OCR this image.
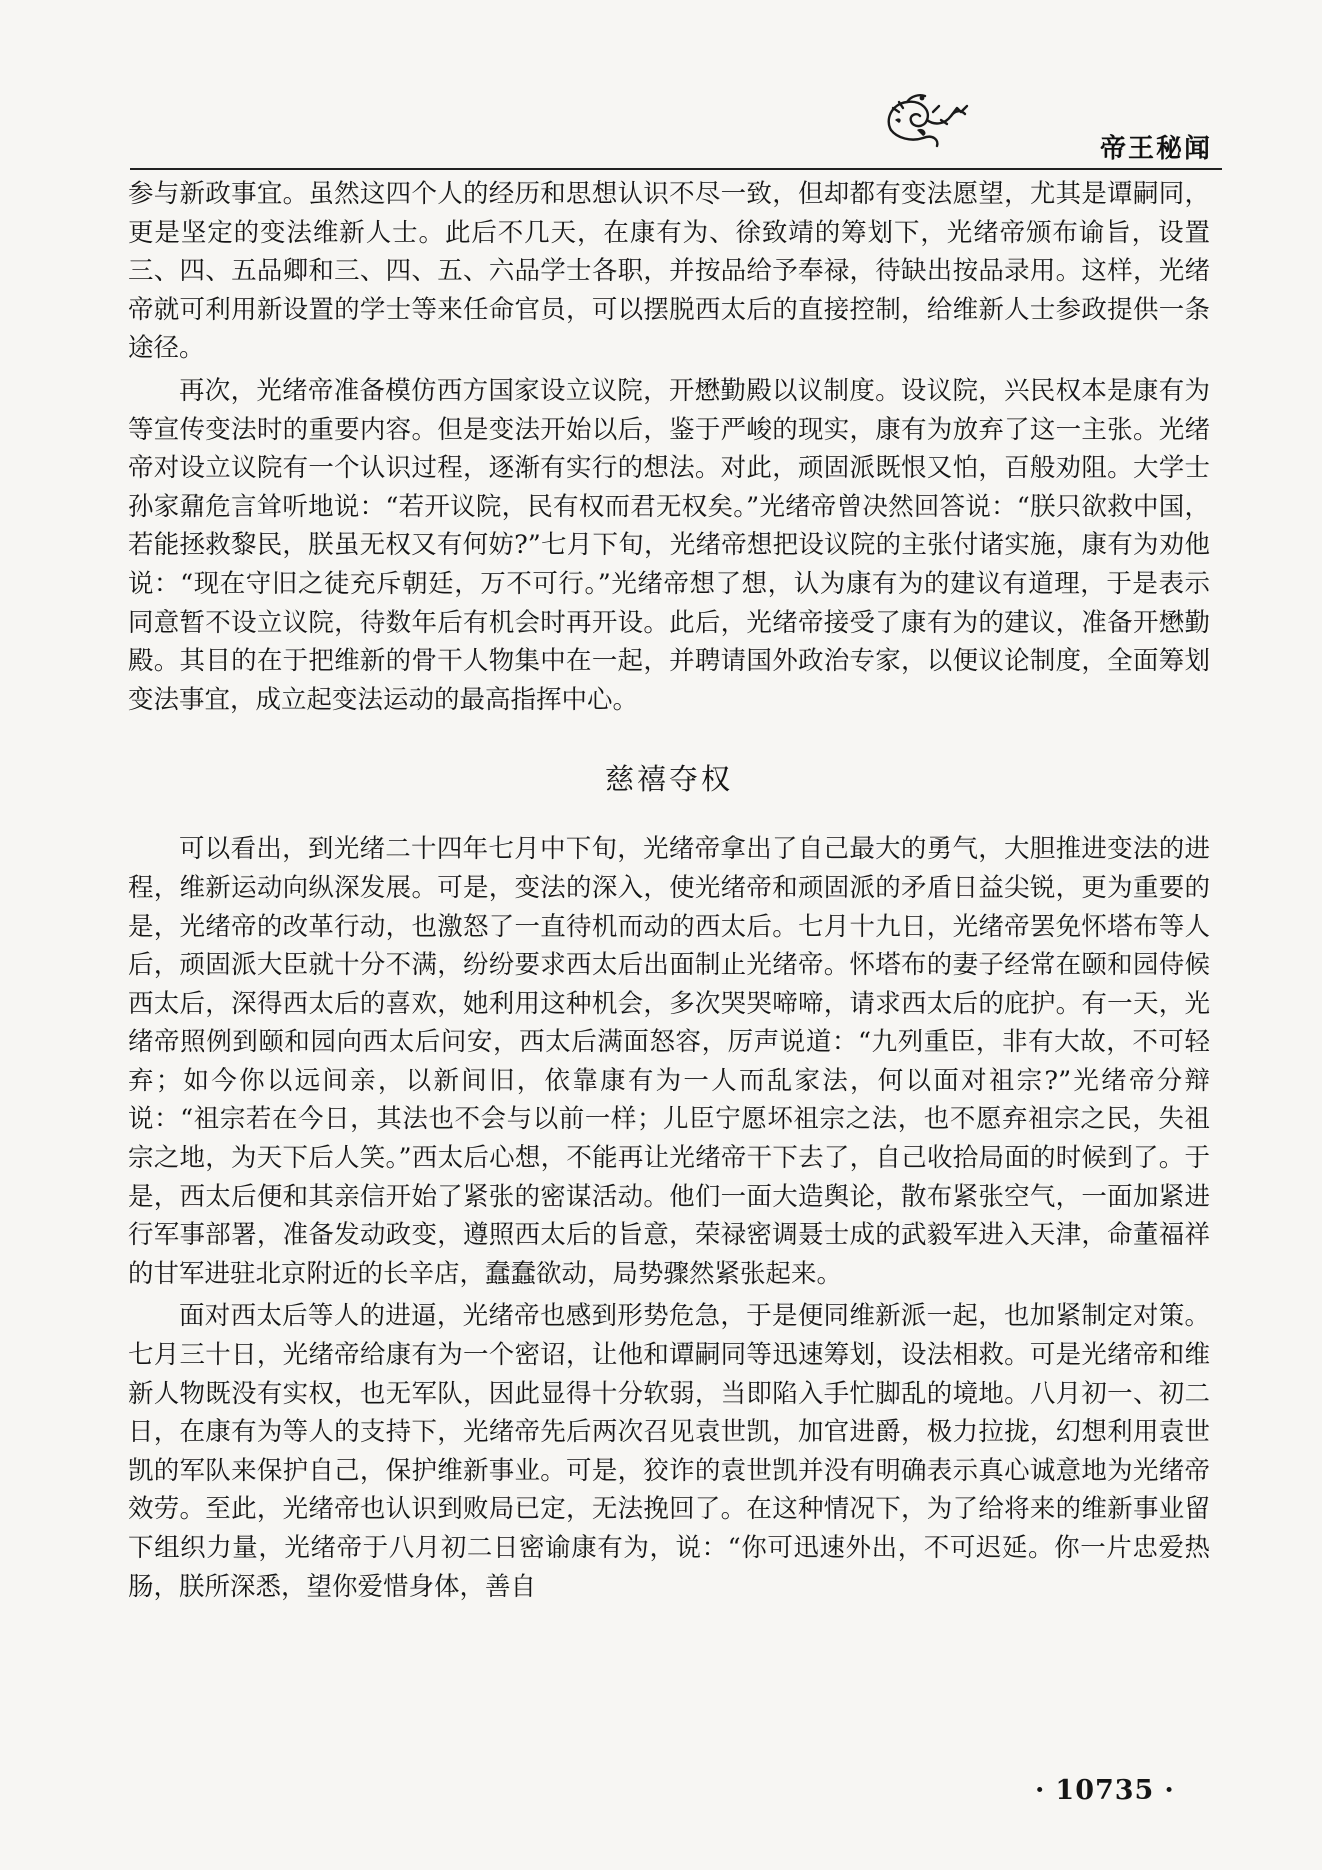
帝王秘闻

参与新政事宜。虽然这四个人的经历和思想认识不尽一致，但却都有变法愿望，尤其是谭嗣同，更是坚定的变法维新人士。此后不几天，在康有为、徐致靖的筹划下，光绪帝颁布谕旨，设置三、四、五品卿和三、四、五、六品学士各职，并按品给予奉禄，待缺出按品录用。这样，光绪帝就可利用新设置的学士等来任命官员，可以摆脱西太后的直接控制，给维新人士参政提供一条途径。

再次，光绪帝准备模仿西方国家设立议院，开懋勤殿以议制度。设议院，兴民权本是康有为等宣传变法时的重要内容。但是变法开始以后，鉴于严峻的现实，康有为放弃了这一主张。光绪帝对设立议院有一个认识过程，逐渐有实行的想法。对此，顽固派既恨又怕，百般劝阻。大学士孙家鼐危言耸听地说：“若开议院，民有权而君无权矣。”光绪帝曾决然回答说：“朕只欲救中国，若能拯救黎民，朕虽无权又有何妨?”七月下旬，光绪帝想把设议院的主张付诸实施，康有为劝他说：“现在守旧之徒充斥朝廷，万不可行。”光绪帝想了想，认为康有为的建议有道理，于是表示同意暂不设立议院，待数年后有机会时再开设。此后，光绪帝接受了康有为的建议，准备开懋勤殿。其目的在于把维新的骨干人物集中在一起，并聘请国外政治专家，以便议论制度，全面筹划变法事宜，成立起变法运动的最高指挥中心。

慈禧夺权

可以看出，到光绪二十四年七月中下旬，光绪帝拿出了自己最大的勇气，大胆推进变法的进程，维新运动向纵深发展。可是，变法的深入，使光绪帝和顽固派的矛盾日益尖锐，更为重要的是，光绪帝的改革行动，也激怒了一直待机而动的西太后。七月十九日，光绪帝罢免怀塔布等人后，顽固派大臣就十分不满，纷纷要求西太后出面制止光绪帝。怀塔布的妻子经常在颐和园侍候西太后，深得西太后的喜欢，她利用这种机会，多次哭哭啼啼，请求西太后的庇护。有一天，光绪帝照例到颐和园向西太后问安，西太后满面怒容，厉声说道：“九列重臣，非有大故，不可轻弃；如今你以远间亲，以新间旧，依靠康有为一人而乱家法，何以面对祖宗?”光绪帝分辩说：“祖宗若在今日，其法也不会与以前一样；儿臣宁愿坏祖宗之法，也不愿弃祖宗之民，失祖宗之地，为天下后人笑。”西太后心想，不能再让光绪帝干下去了，自己收拾局面的时候到了。于是，西太后便和其亲信开始了紧张的密谋活动。他们一面大造舆论，散布紧张空气，一面加紧进行军事部署，准备发动政变，遵照西太后的旨意，荣禄密调聂士成的武毅军进入天津，命董福祥的甘军进驻北京附近的长辛店，蠢蠢欲动，局势骤然紧张起来。

面对西太后等人的进逼，光绪帝也感到形势危急，于是便同维新派一起，也加紧制定对策。七月三十日，光绪帝给康有为一个密诏，让他和谭嗣同等迅速筹划，设法相救。可是光绪帝和维新人物既没有实权，也无军队，因此显得十分软弱，当即陷入手忙脚乱的境地。八月初一、初二日，在康有为等人的支持下，光绪帝先后两次召见袁世凯，加官进爵，极力拉拢，幻想利用袁世凯的军队来保护自己，保护维新事业。可是，狡诈的袁世凯并没有明确表示真心诚意地为光绪帝效劳。至此，光绪帝也认识到败局已定，无法挽回了。在这种情况下，为了给将来的维新事业留下组织力量，光绪帝于八月初二日密谕康有为，说：“你可迅速外出，不可迟延。你一片忠爱热肠，朕所深悉，望你爱惜身体，善自

· 10735 ·
